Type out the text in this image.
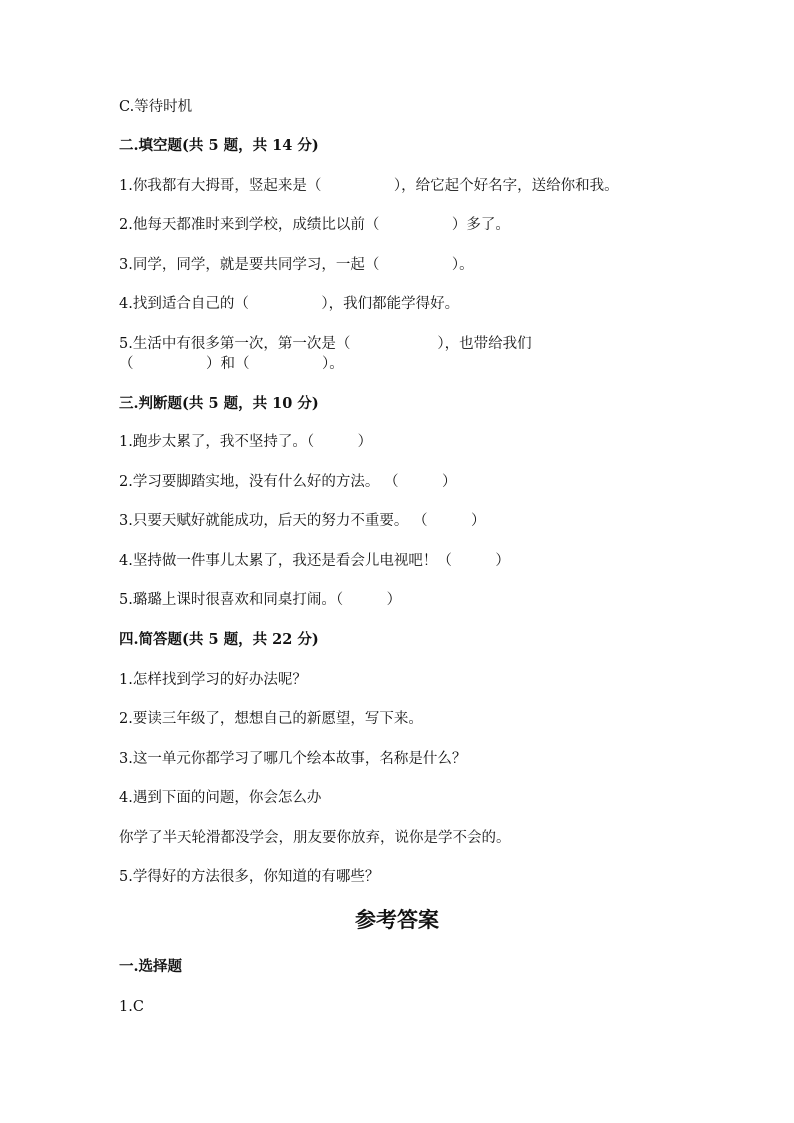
C.等待时机
二.填空题(共 5 题，共 14 分)
1.你我都有大拇哥，竖起来是（　　　　　），给它起个好名字，送给你和我。
2.他每天都准时来到学校，成绩比以前（　　　　　）多了。
3.同学，同学，就是要共同学习，一起（　　　　　）。
4.找到适合自己的（　　　　　），我们都能学得好。
5.生活中有很多第一次，第一次是（　　　　　　），也带给我们
（　　　　　）和（　　　　　）。
三.判断题(共 5 题，共 10 分)
1.跑步太累了，我不坚持了。（　　　）
2.学习要脚踏实地，没有什么好的方法。 （　　　）
3.只要天赋好就能成功，后天的努力不重要。 （　　　）
4.坚持做一件事儿太累了，我还是看会儿电视吧！（　　　）
5.璐璐上课时很喜欢和同桌打闹。（　　　）
四.简答题(共 5 题，共 22 分)
1.怎样找到学习的好办法呢？
2.要读三年级了，想想自己的新愿望，写下来。
3.这一单元你都学习了哪几个绘本故事，名称是什么？
4.遇到下面的问题，你会怎么办
你学了半天轮滑都没学会，朋友要你放弃，说你是学不会的。
5.学得好的方法很多，你知道的有哪些？
参考答案
一.选择题
1.C
